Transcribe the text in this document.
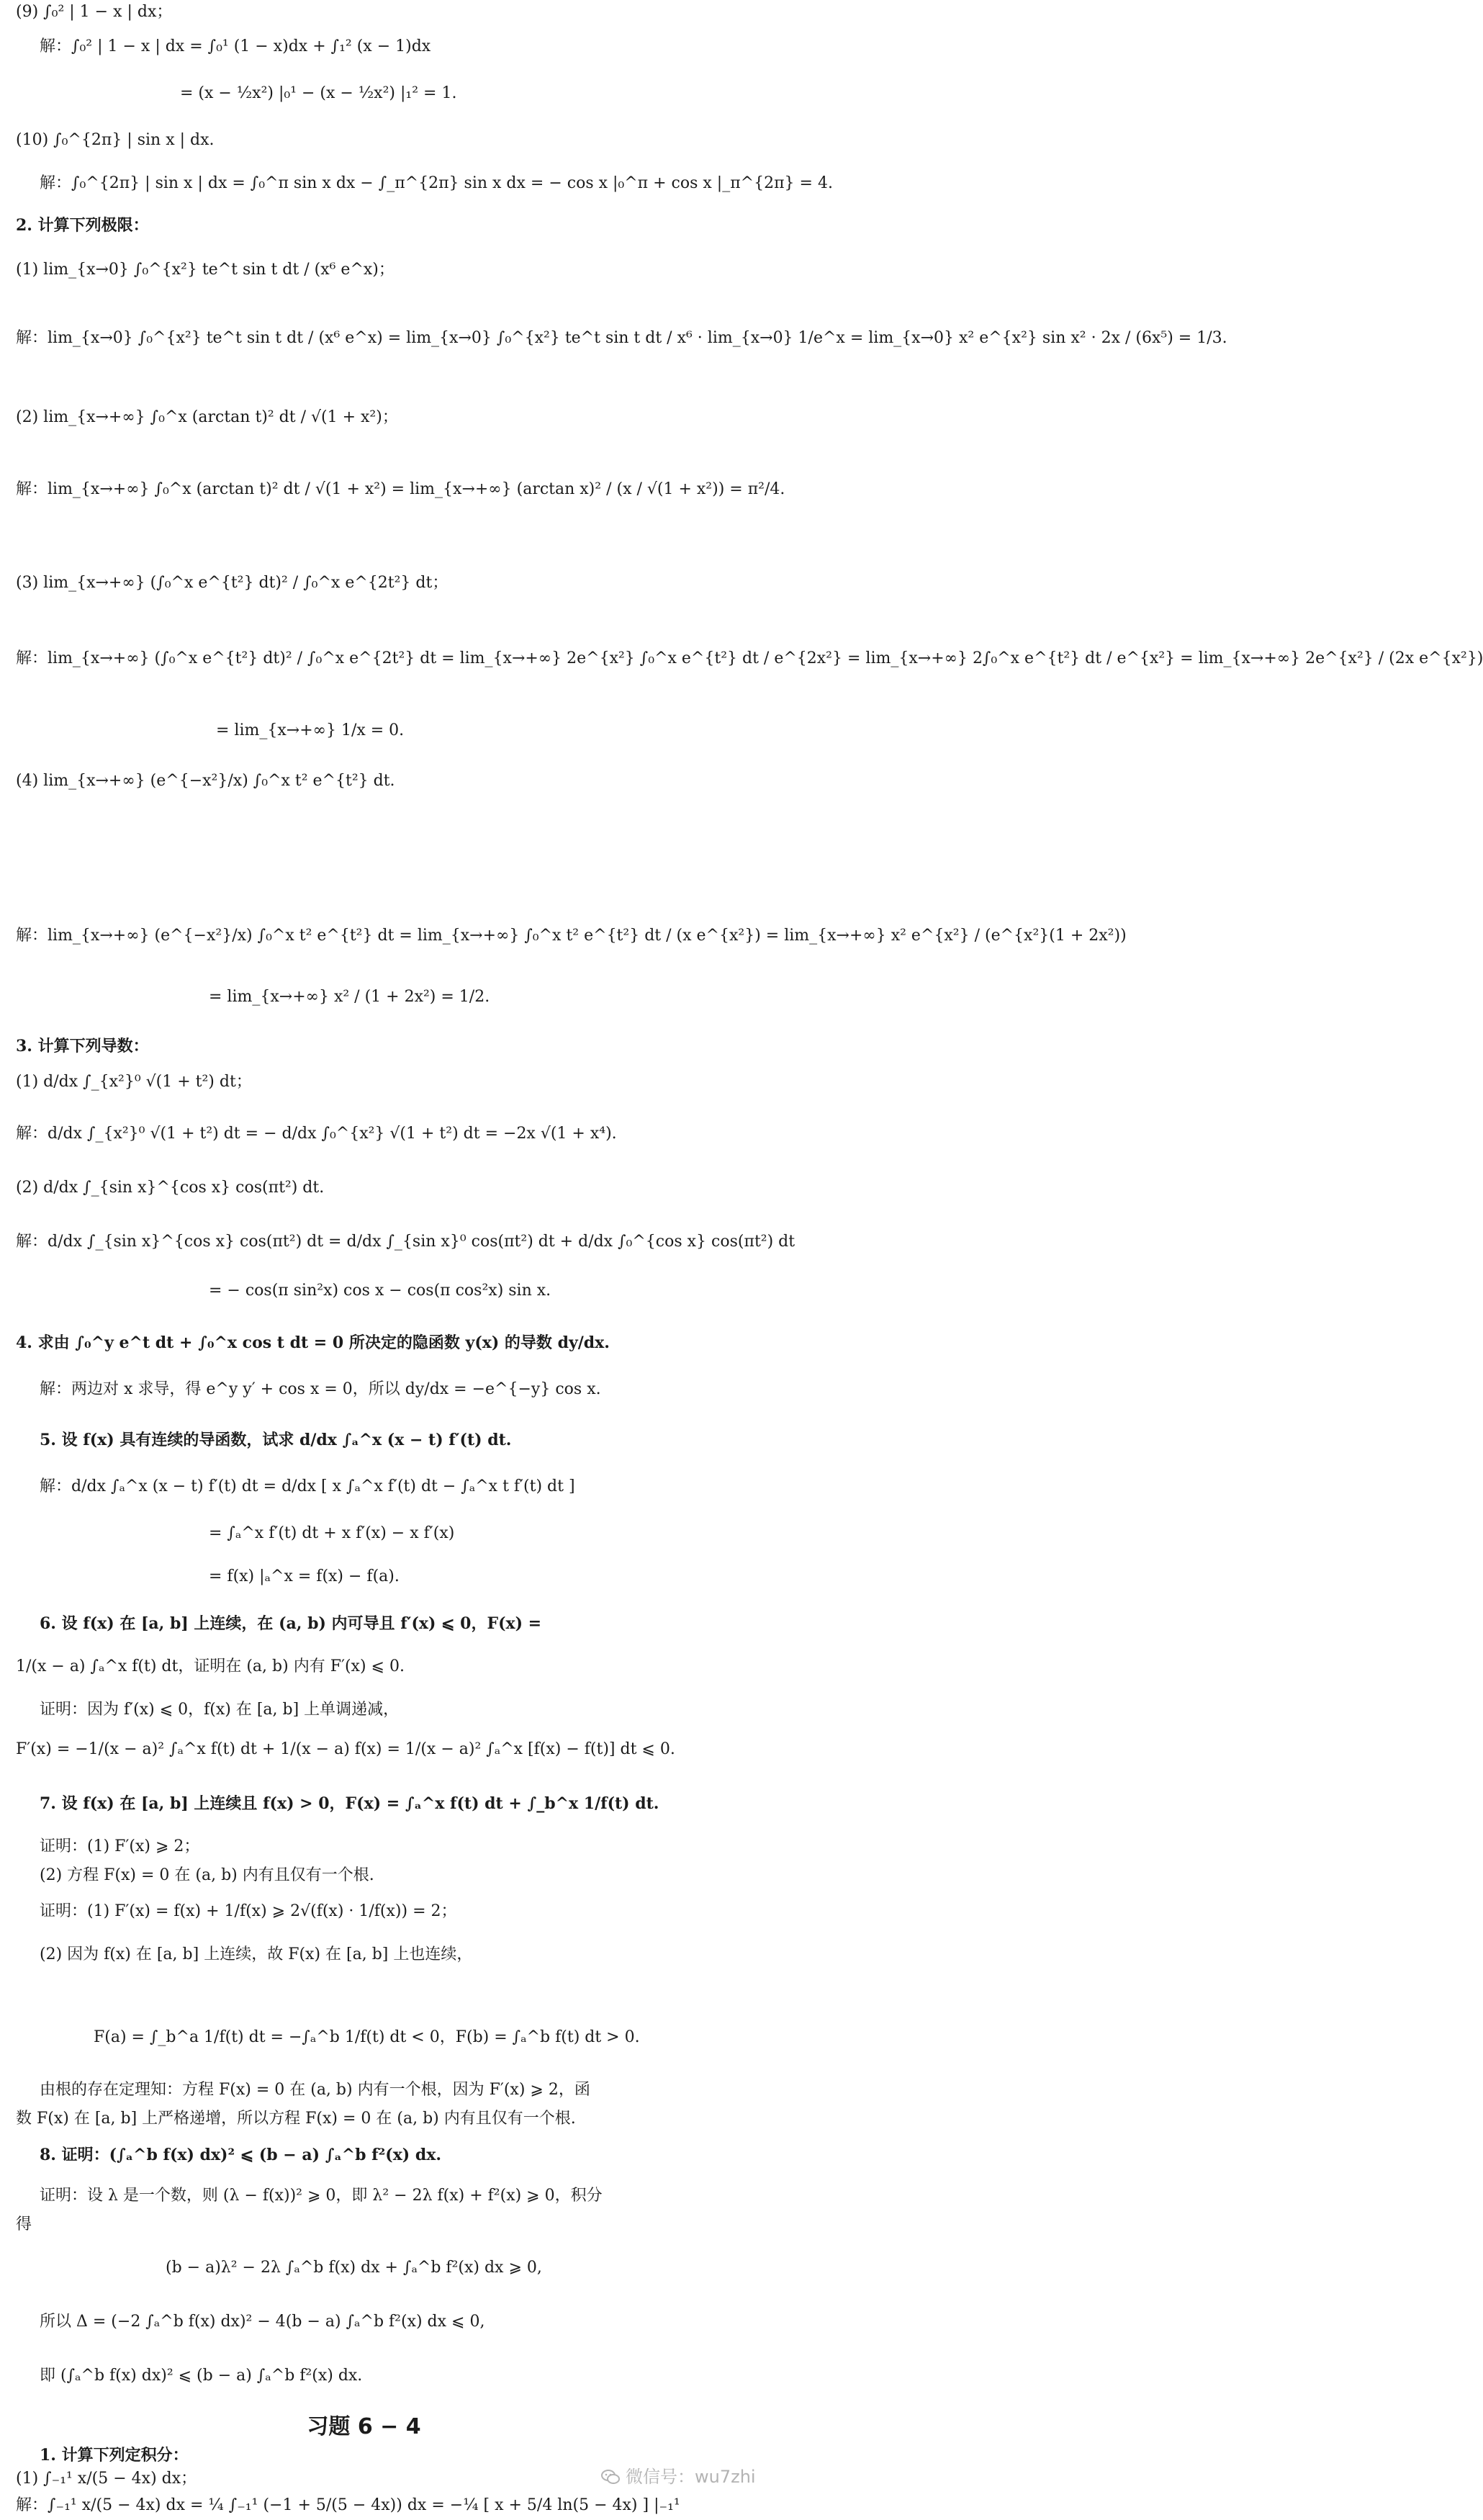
(9) ∫₀² | 1 − x | dx；
解：∫₀² | 1 − x | dx = ∫₀¹ (1 − x)dx + ∫₁² (x − 1)dx
= (x − ½x²) |₀¹ − (x − ½x²) |₁² = 1.
(10) ∫₀^{2π} | sin x | dx.
解：∫₀^{2π} | sin x | dx = ∫₀^π sin x dx − ∫_π^{2π} sin x dx = − cos x |₀^π + cos x |_π^{2π} = 4.
2. 计算下列极限：
(1) lim_{x→0} ∫₀^{x²} te^t sin t dt / (x⁶ e^x)；
解：lim_{x→0} ∫₀^{x²} te^t sin t dt / (x⁶ e^x) = lim_{x→0} ∫₀^{x²} te^t sin t dt / x⁶ · lim_{x→0} 1/e^x = lim_{x→0} x² e^{x²} sin x² · 2x / (6x⁵) = 1/3.
(2) lim_{x→+∞} ∫₀^x (arctan t)² dt / √(1 + x²)；
解：lim_{x→+∞} ∫₀^x (arctan t)² dt / √(1 + x²) = lim_{x→+∞} (arctan x)² / (x / √(1 + x²)) = π²/4.
(3) lim_{x→+∞} (∫₀^x e^{t²} dt)² / ∫₀^x e^{2t²} dt；
解：lim_{x→+∞} (∫₀^x e^{t²} dt)² / ∫₀^x e^{2t²} dt = lim_{x→+∞} 2e^{x²} ∫₀^x e^{t²} dt / e^{2x²} = lim_{x→+∞} 2∫₀^x e^{t²} dt / e^{x²} = lim_{x→+∞} 2e^{x²} / (2x e^{x²})
= lim_{x→+∞} 1/x = 0.
(4) lim_{x→+∞} (e^{−x²}/x) ∫₀^x t² e^{t²} dt.
解：lim_{x→+∞} (e^{−x²}/x) ∫₀^x t² e^{t²} dt = lim_{x→+∞} ∫₀^x t² e^{t²} dt / (x e^{x²}) = lim_{x→+∞} x² e^{x²} / (e^{x²}(1 + 2x²))
= lim_{x→+∞} x² / (1 + 2x²) = 1/2.
3. 计算下列导数：
(1) d/dx ∫_{x²}⁰ √(1 + t²) dt；
解：d/dx ∫_{x²}⁰ √(1 + t²) dt = − d/dx ∫₀^{x²} √(1 + t²) dt = −2x √(1 + x⁴).
(2) d/dx ∫_{sin x}^{cos x} cos(πt²) dt.
解：d/dx ∫_{sin x}^{cos x} cos(πt²) dt = d/dx ∫_{sin x}⁰ cos(πt²) dt + d/dx ∫₀^{cos x} cos(πt²) dt
= − cos(π sin²x) cos x − cos(π cos²x) sin x.
4. 求由 ∫₀^y e^t dt + ∫₀^x cos t dt = 0 所决定的隐函数 y(x) 的导数 dy/dx.
解：两边对 x 求导，得 e^y y′ + cos x = 0，所以 dy/dx = −e^{−y} cos x.
5. 设 f(x) 具有连续的导函数，试求 d/dx ∫ₐ^x (x − t) f′(t) dt.
解：d/dx ∫ₐ^x (x − t) f′(t) dt = d/dx [ x ∫ₐ^x f′(t) dt − ∫ₐ^x t f′(t) dt ]
= ∫ₐ^x f′(t) dt + x f′(x) − x f′(x)
= f(x) |ₐ^x = f(x) − f(a).
6. 设 f(x) 在 [a, b] 上连续，在 (a, b) 内可导且 f′(x) ⩽ 0，F(x) =
1/(x − a) ∫ₐ^x f(t) dt，证明在 (a, b) 内有 F′(x) ⩽ 0.
证明：因为 f′(x) ⩽ 0，f(x) 在 [a, b] 上单调递减，
F′(x) = −1/(x − a)² ∫ₐ^x f(t) dt + 1/(x − a) f(x) = 1/(x − a)² ∫ₐ^x [f(x) − f(t)] dt ⩽ 0.
7. 设 f(x) 在 [a, b] 上连续且 f(x) > 0，F(x) = ∫ₐ^x f(t) dt + ∫_b^x 1/f(t) dt.
证明：(1) F′(x) ⩾ 2；
(2) 方程 F(x) = 0 在 (a, b) 内有且仅有一个根.
证明：(1) F′(x) = f(x) + 1/f(x) ⩾ 2√(f(x) · 1/f(x)) = 2；
(2) 因为 f(x) 在 [a, b] 上连续，故 F(x) 在 [a, b] 上也连续，
F(a) = ∫_b^a 1/f(t) dt = −∫ₐ^b 1/f(t) dt < 0，F(b) = ∫ₐ^b f(t) dt > 0.
由根的存在定理知：方程 F(x) = 0 在 (a, b) 内有一个根，因为 F′(x) ⩾ 2，函
数 F(x) 在 [a, b] 上严格递增，所以方程 F(x) = 0 在 (a, b) 内有且仅有一个根.
8. 证明：(∫ₐ^b f(x) dx)² ⩽ (b − a) ∫ₐ^b f²(x) dx.
证明：设 λ 是一个数，则 (λ − f(x))² ⩾ 0，即 λ² − 2λ f(x) + f²(x) ⩾ 0，积分
得
(b − a)λ² − 2λ ∫ₐ^b f(x) dx + ∫ₐ^b f²(x) dx ⩾ 0,
所以 Δ = (−2 ∫ₐ^b f(x) dx)² − 4(b − a) ∫ₐ^b f²(x) dx ⩽ 0,
即 (∫ₐ^b f(x) dx)² ⩽ (b − a) ∫ₐ^b f²(x) dx.
习题 6 − 4
1. 计算下列定积分：
(1) ∫₋₁¹ x/(5 − 4x) dx；
解：∫₋₁¹ x/(5 − 4x) dx = ¼ ∫₋₁¹ (−1 + 5/(5 − 4x)) dx = −¼ [ x + 5/4 ln(5 − 4x) ] |₋₁¹
微信号：wu7zhi
